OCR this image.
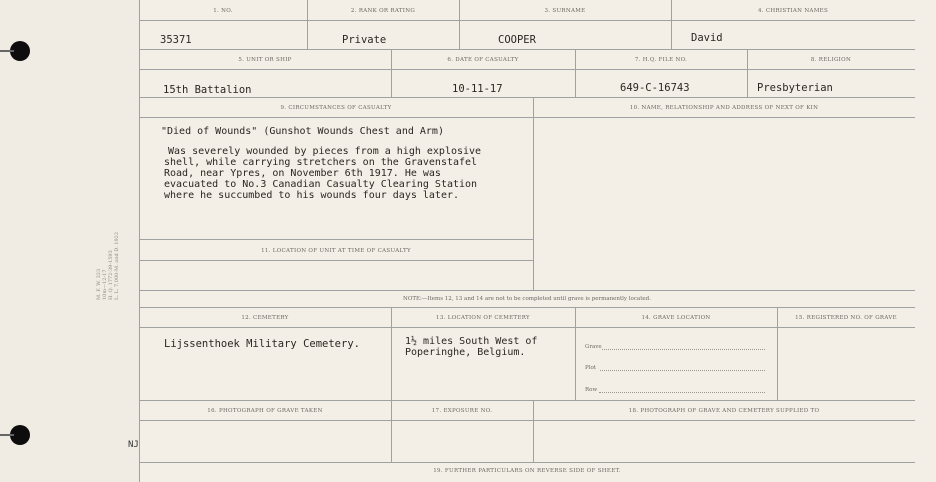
M. F. W. 323 10m—12-17 H. Q. 1772-39-1593 L. L. 7,000-M. and D. 1922
NJ
1. NO.
35371
2. RANK OR RATING
Private
3. SURNAME
COOPER
4. CHRISTIAN NAMES
David
5. UNIT OR SHIP
15th Battalion
6. DATE OF CASUALTY
10-11-17
7. H.Q. FILE NO.
649-C-16743
8. RELIGION
Presbyterian
9. CIRCUMSTANCES OF CASUALTY
"Died of Wounds" (Gunshot Wounds Chest and Arm)
Was severely wounded by pieces from a high explosive
shell, while carrying stretchers on the Gravenstafel
Road, near Ypres, on November 6th 1917. He was
evacuated to No.3 Canadian Casualty Clearing Station
where he succumbed to his wounds four days later.
10. NAME, RELATIONSHIP AND ADDRESS OF NEXT OF KIN
11. LOCATION OF UNIT AT TIME OF CASUALTY
NOTE:—Items 12, 13 and 14 are not to be completed until grave is permanently located.
12. CEMETERY
Lijssenthoek Military Cemetery.
13. LOCATION OF CEMETERY
1½ miles South West of
Poperinghe, Belgium.
14. GRAVE LOCATION
Grave
Plot
Row
15. REGISTERED NO. OF GRAVE
16. PHOTOGRAPH OF GRAVE TAKEN	17. EXPOSURE NO.	18. PHOTOGRAPH OF GRAVE AND CEMETERY SUPPLIED TO
19. FURTHER PARTICULARS ON REVERSE SIDE OF SHEET.
